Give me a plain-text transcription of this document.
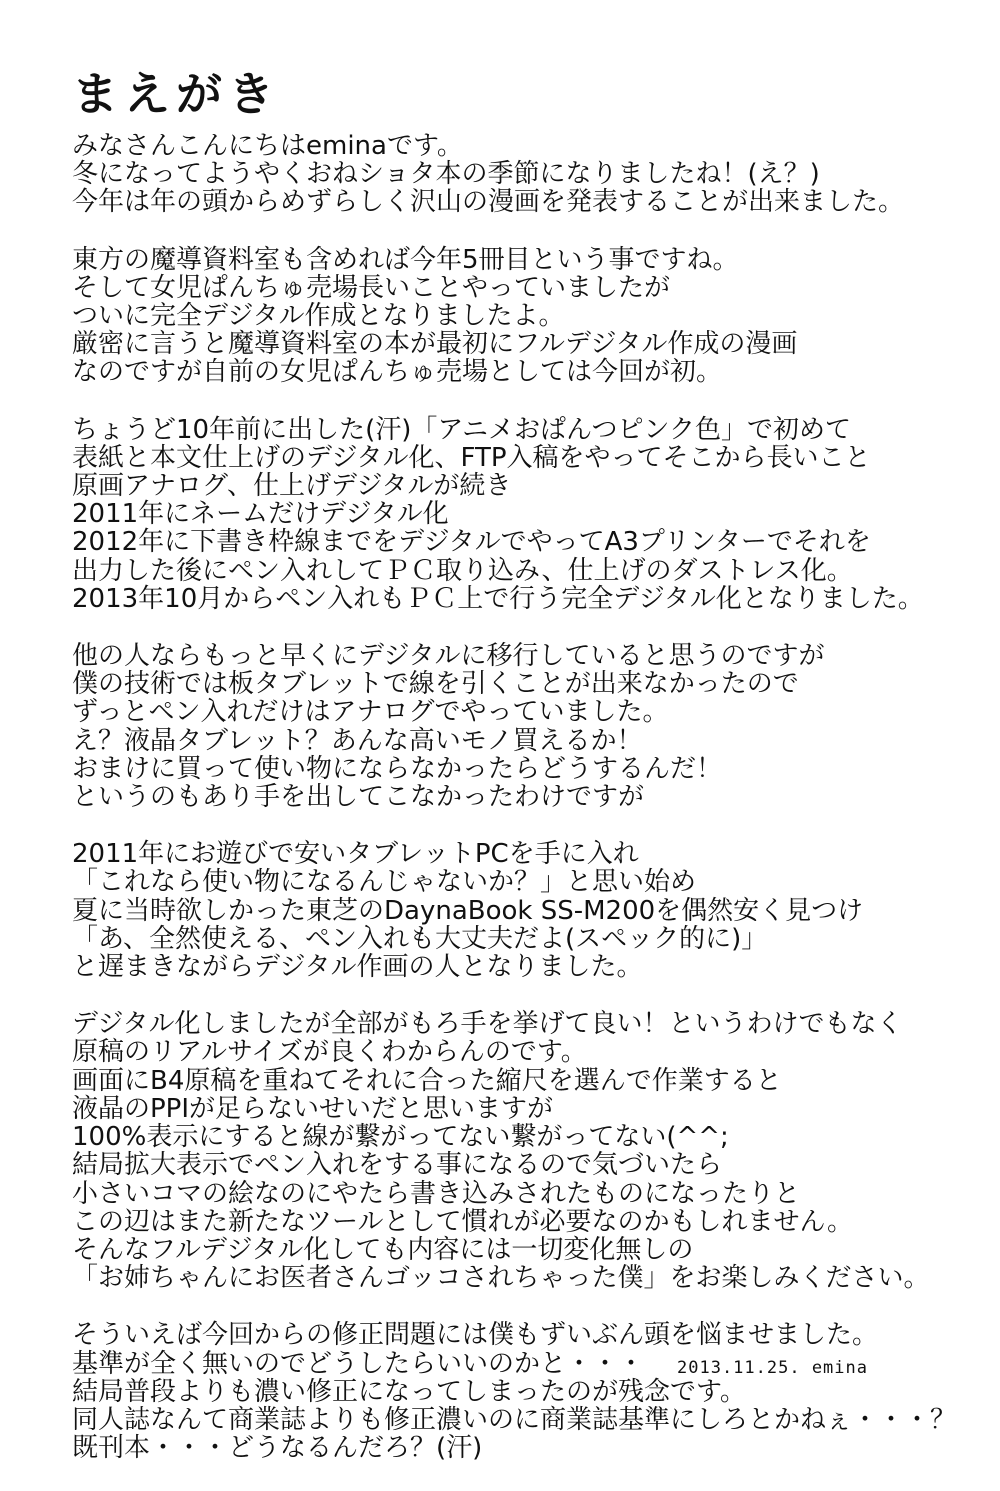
まえがき
みなさんこんにちはeminaです。
冬になってようやくおねショタ本の季節になりましたね！(え？)
今年は年の頭からめずらしく沢山の漫画を発表することが出来ました。
東方の魔導資料室も含めれば今年5冊目という事ですね。
そして女児ぱんちゅ売場長いことやっていましたが
ついに完全デジタル作成となりましたよ。
厳密に言うと魔導資料室の本が最初にフルデジタル作成の漫画
なのですが自前の女児ぱんちゅ売場としては今回が初。
ちょうど10年前に出した(汗)「アニメおぱんつピンク色」で初めて
表紙と本文仕上げのデジタル化、FTP入稿をやってそこから長いこと
原画アナログ、仕上げデジタルが続き
2011年にネームだけデジタル化
2012年に下書き枠線までをデジタルでやってA3プリンターでそれを
出力した後にペン入れしてＰＣ取り込み、仕上げのダストレス化。
2013年10月からペン入れもＰＣ上で行う完全デジタル化となりました。
他の人ならもっと早くにデジタルに移行していると思うのですが
僕の技術では板タブレットで線を引くことが出来なかったので
ずっとペン入れだけはアナログでやっていました。
え？液晶タブレット？あんな高いモノ買えるか！
おまけに買って使い物にならなかったらどうするんだ！
というのもあり手を出してこなかったわけですが
2011年にお遊びで安いタブレットPCを手に入れ
「これなら使い物になるんじゃないか？」と思い始め
夏に当時欲しかった東芝のDaynaBook SS-M200を偶然安く見つけ
「あ、全然使える、ペン入れも大丈夫だよ(スペック的に)」
と遅まきながらデジタル作画の人となりました。
デジタル化しましたが全部がもろ手を挙げて良い！というわけでもなく
原稿のリアルサイズが良くわからんのです。
画面にB4原稿を重ねてそれに合った縮尺を選んで作業すると
液晶のPPIが足らないせいだと思いますが
100%表示にすると線が繋がってない繋がってない(^^;
結局拡大表示でペン入れをする事になるので気づいたら
小さいコマの絵なのにやたら書き込みされたものになったりと
この辺はまた新たなツールとして慣れが必要なのかもしれません。
そんなフルデジタル化しても内容には一切変化無しの
「お姉ちゃんにお医者さんゴッコされちゃった僕」をお楽しみください。
そういえば今回からの修正問題には僕もずいぶん頭を悩ませました。
基準が全く無いのでどうしたらいいのかと・・・
結局普段よりも濃い修正になってしまったのが残念です。
同人誌なんて商業誌よりも修正濃いのに商業誌基準にしろとかねぇ・・・？
既刊本・・・どうなるんだろ？(汗)
2013.11.25. emina
